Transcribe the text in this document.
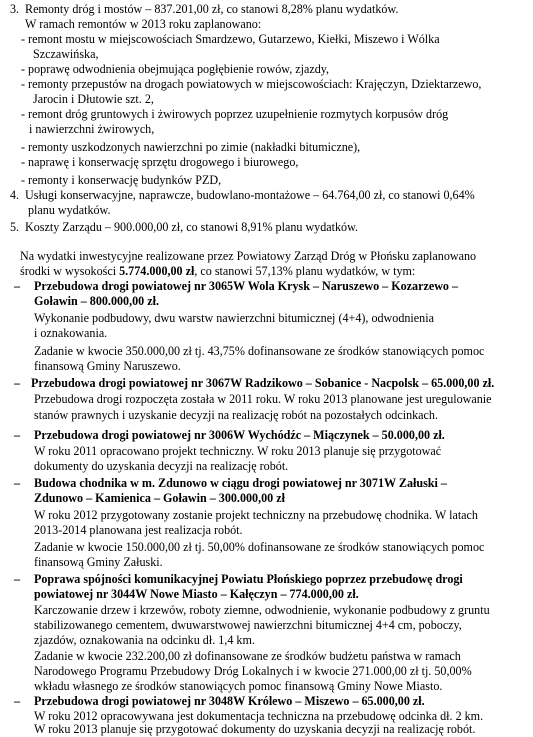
3. Remonty dróg i mostów – 837.201,00 zł, co stanowi 8,28% planu wydatków.
W ramach remontów w 2013 roku zaplanowano:
- remont mostu w miejscowościach Smardzewo, Gutarzewo, Kiełki, Miszewo i Wólka
Szczawińska,
- poprawę odwodnienia obejmująca pogłębienie rowów, zjazdy,
- remonty przepustów na drogach powiatowych w miejscowościach: Krajęczyn, Dziektarzewo,
Jarocin i Dłutowie szt. 2,
- remont dróg gruntowych i żwirowych poprzez uzupełnienie rozmytych korpusów dróg
i nawierzchni żwirowych,
- remonty uszkodzonych nawierzchni po zimie (nakładki bitumiczne),
- naprawę i konserwację sprzętu drogowego i biurowego,
- remonty i konserwację budynków PZD,
4. Usługi konserwacyjne, naprawcze, budowlano-montażowe – 64.764,00 zł, co stanowi 0,64%
planu wydatków.
5. Koszty Zarządu – 900.000,00 zł, co stanowi 8,91% planu wydatków.
Na wydatki inwestycyjne realizowane przez Powiatowy Zarząd Dróg w Płońsku zaplanowano
środki w wysokości 5.774.000,00 zł, co stanowi 57,13% planu wydatków, w tym:
– Przebudowa drogi powiatowej nr 3065W Wola Krysk – Naruszewo – Kozarzewo –
Goławin – 800.000,00 zł.
Wykonanie podbudowy, dwu warstw nawierzchni bitumicznej (4+4), odwodnienia
i oznakowania.
Zadanie w kwocie 350.000,00 zł tj. 43,75% dofinansowane ze środków stanowiących pomoc
finansową Gminy Naruszewo.
– Przebudowa drogi powiatowej nr 3067W Radzikowo – Sobanice - Nacpolsk – 65.000,00 zł.
Przebudowa drogi rozpoczęta została w 2011 roku. W roku 2013 planowane jest uregulowanie
stanów prawnych i uzyskanie decyzji na realizację robót na pozostałych odcinkach.
– Przebudowa drogi powiatowej nr 3006W Wychódźc – Miączynek – 50.000,00 zł.
W roku 2011 opracowano projekt techniczny. W roku 2013 planuje się przygotować
dokumenty do uzyskania decyzji na realizację robót.
– Budowa chodnika w m. Zdunowo w ciągu drogi powiatowej nr 3071W Załuski –
Zdunowo – Kamienica – Goławin – 300.000,00 zł
W roku 2012 przygotowany zostanie projekt techniczny na przebudowę chodnika. W latach
2013-2014 planowana jest realizacja robót.
Zadanie w kwocie 150.000,00 zł tj. 50,00% dofinansowane ze środków stanowiących pomoc
finansową Gminy Załuski.
– Poprawa spójności komunikacyjnej Powiatu Płońskiego poprzez przebudowę drogi
powiatowej nr 3044W Nowe Miasto – Kałęczyn – 774.000,00 zł.
Karczowanie drzew i krzewów, roboty ziemne, odwodnienie, wykonanie podbudowy z gruntu
stabilizowanego cementem, dwuwarstwowej nawierzchni bitumicznej 4+4 cm, poboczy,
zjazdów, oznakowania na odcinku dł. 1,4 km.
Zadanie w kwocie 232.200,00 zł dofinansowane ze środków budżetu państwa w ramach
Narodowego Programu Przebudowy Dróg Lokalnych i w kwocie 271.000,00 zł tj. 50,00%
wkładu własnego ze środków stanowiących pomoc finansową Gminy Nowe Miasto.
– Przebudowa drogi powiatowej nr 3048W Królewo – Miszewo – 65.000,00 zł.
W roku 2012 opracowywana jest dokumentacja techniczna na przebudowę odcinka dł. 2 km.
W roku 2013 planuje się przygotować dokumenty do uzyskania decyzji na realizację robót.
